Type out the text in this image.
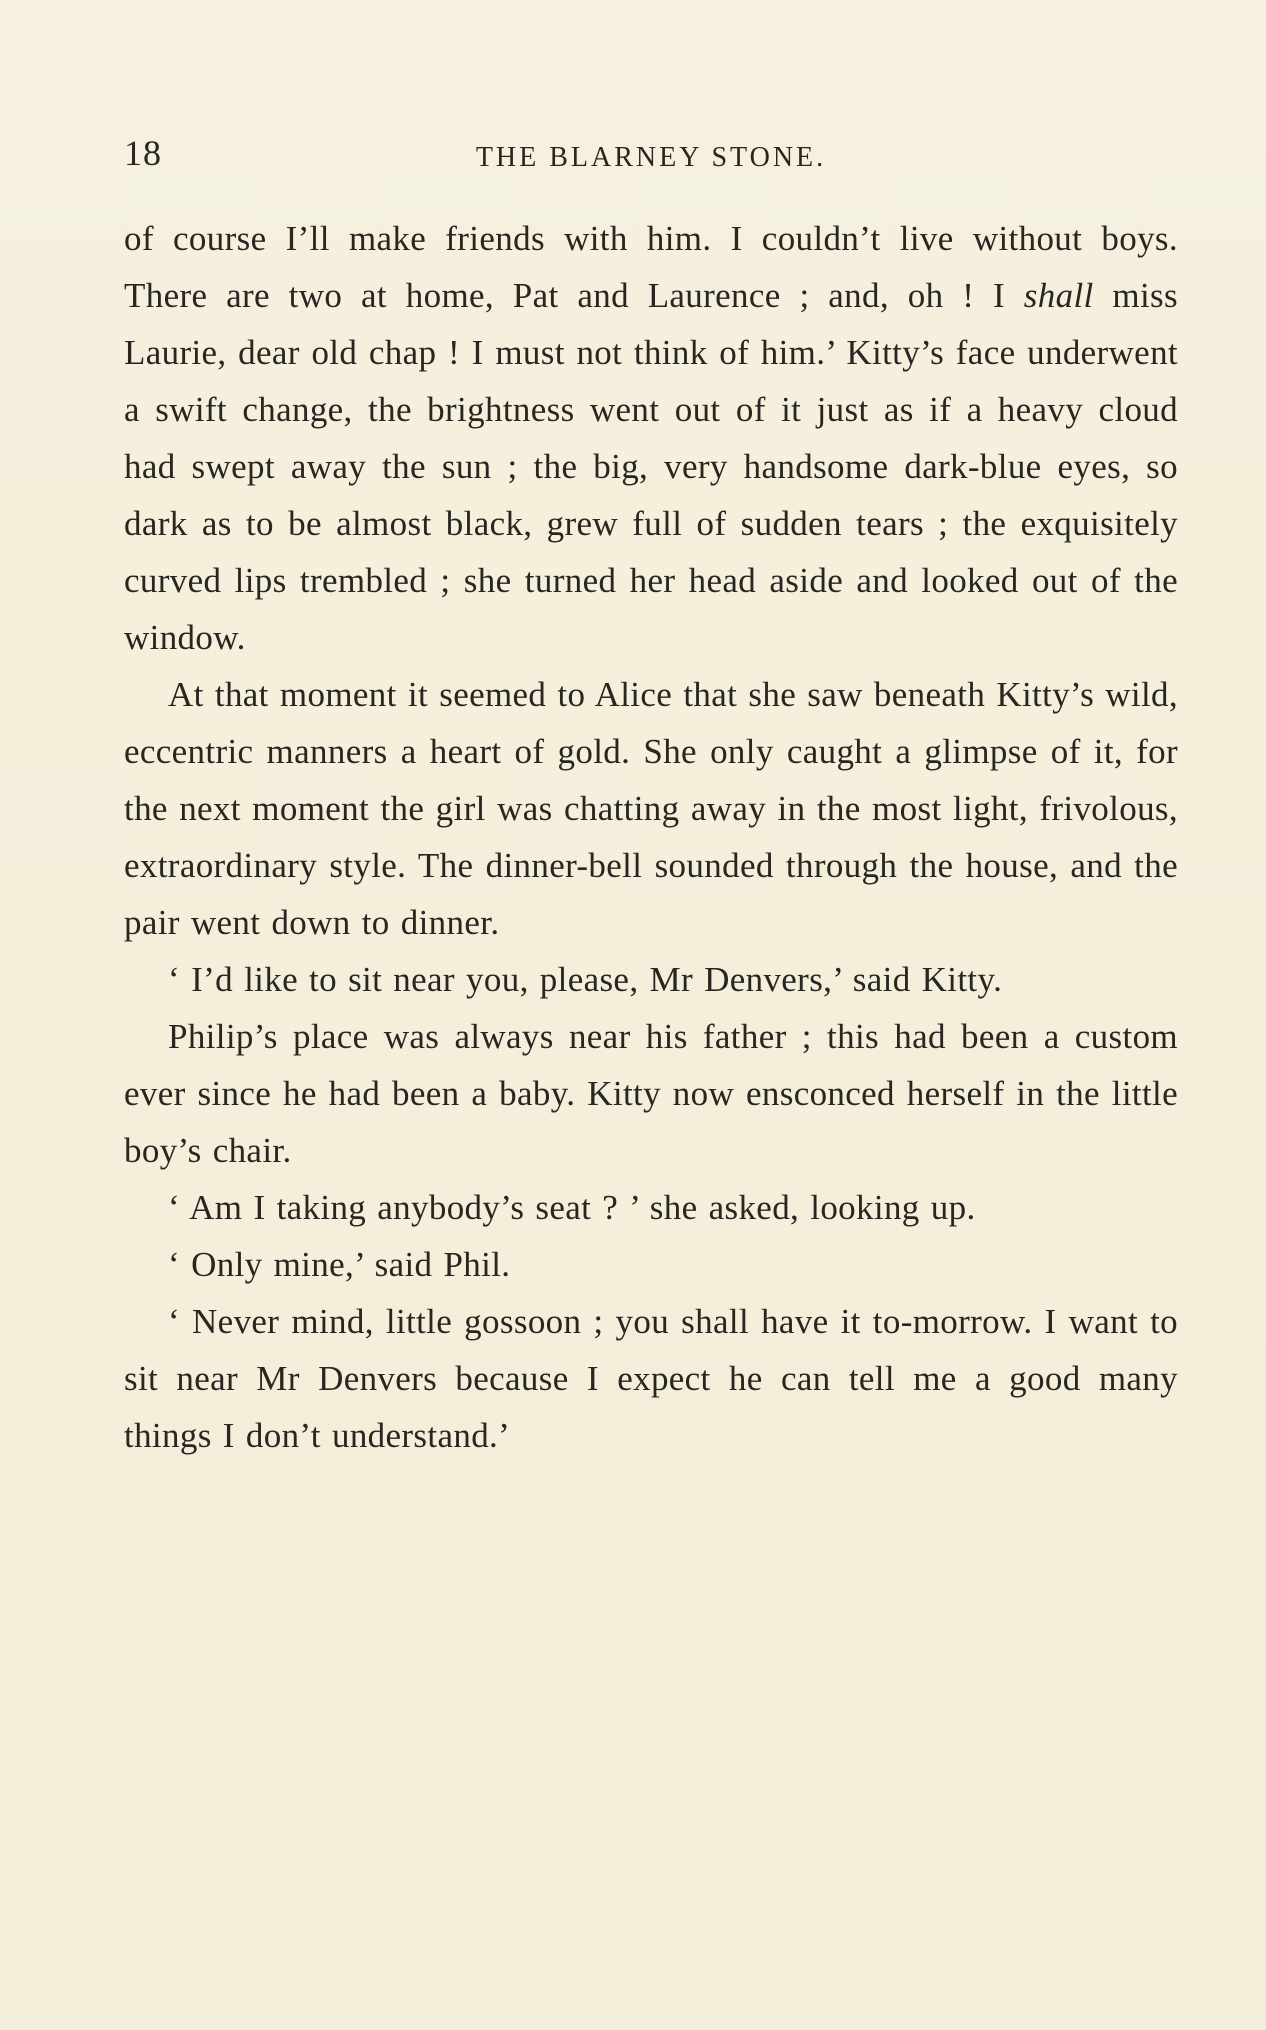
18	THE BLARNEY STONE.

of course I’ll make friends with him. I couldn’t live without boys. There are two at home, Pat and Laurence ; and, oh ! I shall miss Laurie, dear old chap ! I must not think of him.’ Kitty’s face underwent a swift change, the brightness went out of it just as if a heavy cloud had swept away the sun ; the big, very handsome dark-blue eyes, so dark as to be almost black, grew full of sudden tears ; the exquisitely curved lips trembled ; she turned her head aside and looked out of the window.

At that moment it seemed to Alice that she saw beneath Kitty’s wild, eccentric manners a heart of gold. She only caught a glimpse of it, for the next moment the girl was chatting away in the most light, frivolous, extraordinary style. The dinner-bell sounded through the house, and the pair went down to dinner.

‘ I’d like to sit near you, please, Mr Denvers,’ said Kitty.

Philip’s place was always near his father ; this had been a custom ever since he had been a baby. Kitty now ensconced herself in the little boy’s chair.

‘ Am I taking anybody’s seat ? ’ she asked, looking up.

‘ Only mine,’ said Phil.

‘ Never mind, little gossoon ; you shall have it to-morrow. I want to sit near Mr Denvers because I expect he can tell me a good many things I don’t understand.’
